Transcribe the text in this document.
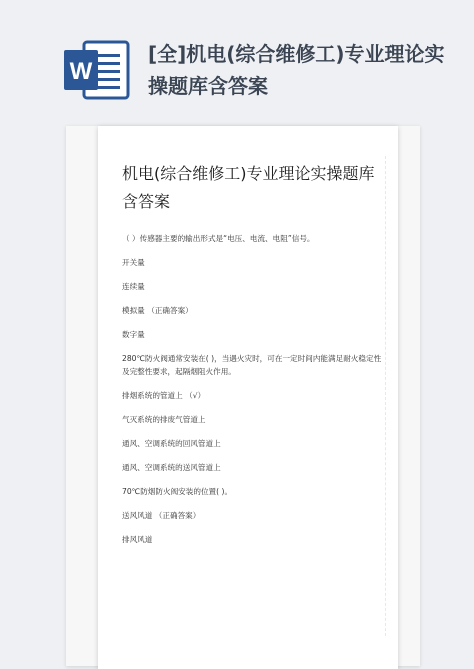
W
[全]机电(综合维修工)专业理论实操题库含答案
机电(综合维修工)专业理论实操题库含答案

（ ）传感器主要的输出形式是“电压、电流、电阻”信号。

开关量

连续量

模拟量 （正确答案）

数字量

280℃防火阀通常安装在( )，当遇火灾时，可在一定时间内能满足耐火稳定性及完整性要求，起隔烟阻火作用。

排烟系统的管道上 （√）

气灭系统的排废气管道上

通风、空调系统的回风管道上

通风、空调系统的送风管道上

70℃防烟防火阀安装的位置( )。

送风风道 （正确答案）

排风风道
